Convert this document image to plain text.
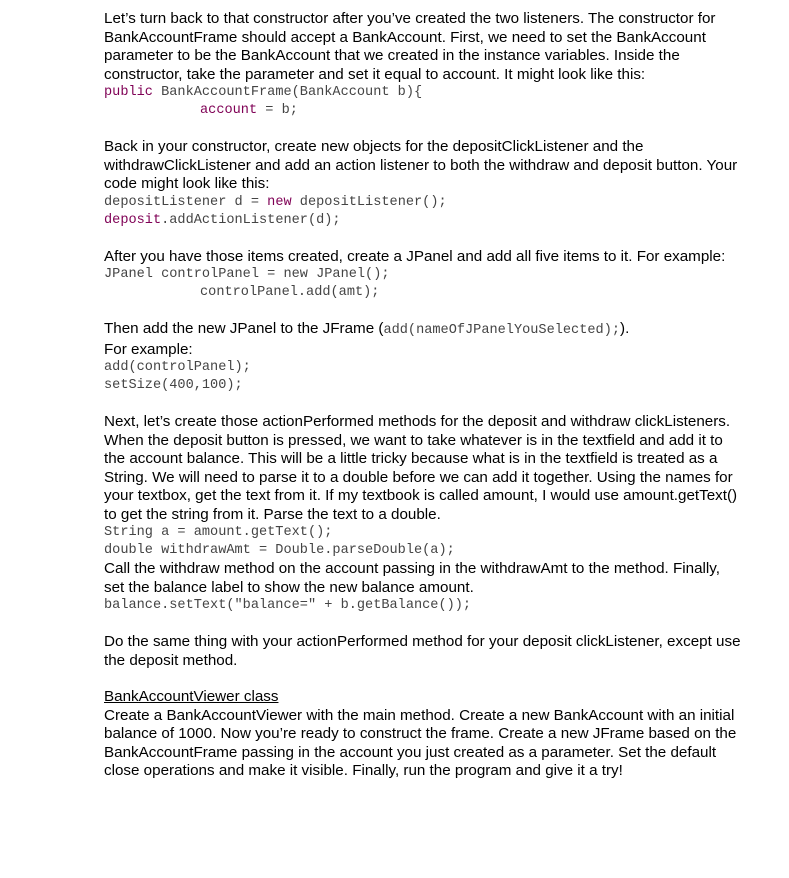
Let’s turn back to that constructor after you’ve created the two listeners. The constructor for BankAccountFrame should accept a BankAccount. First, we need to set the BankAccount parameter to be the BankAccount that we created in the instance variables. Inside the constructor, take the parameter and set it equal to account. It might look like this:

public BankAccountFrame(BankAccount b){
account = b;

Back in your constructor, create new objects for the depositClickListener and the withdrawClickListener and add an action listener to both the withdraw and deposit button. Your code might look like this:

depositListener d = new depositListener();
deposit.addActionListener(d);

After you have those items created, create a JPanel and add all five items to it. For example:

JPanel controlPanel = new JPanel();
controlPanel.add(amt);

Then add the new JPanel to the JFrame (add(nameOfJPanelYouSelected);).

For example:

add(controlPanel);
setSize(400,100);

Next, let’s create those actionPerformed methods for the deposit and withdraw clickListeners. When the deposit button is pressed, we want to take whatever is in the textfield and add it to the account balance. This will be a little tricky because what is in the textfield is treated as a String. We will need to parse it to a double before we can add it together. Using the names for your textbox, get the text from it. If my textbook is called amount, I would use amount.getText() to get the string from it. Parse the text to a double.

String a = amount.getText();
double withdrawAmt = Double.parseDouble(a);

Call the withdraw method on the account passing in the withdrawAmt to the method. Finally, set the balance label to show the new balance amount.

balance.setText("balance=" + b.getBalance());

Do the same thing with your actionPerformed method for your deposit clickListener, except use the deposit method.

BankAccountViewer class

Create a BankAccountViewer with the main method. Create a new BankAccount with an initial balance of 1000. Now you’re ready to construct the frame. Create a new JFrame based on the BankAccountFrame passing in the account you just created as a parameter. Set the default close operations and make it visible. Finally, run the program and give it a try!
